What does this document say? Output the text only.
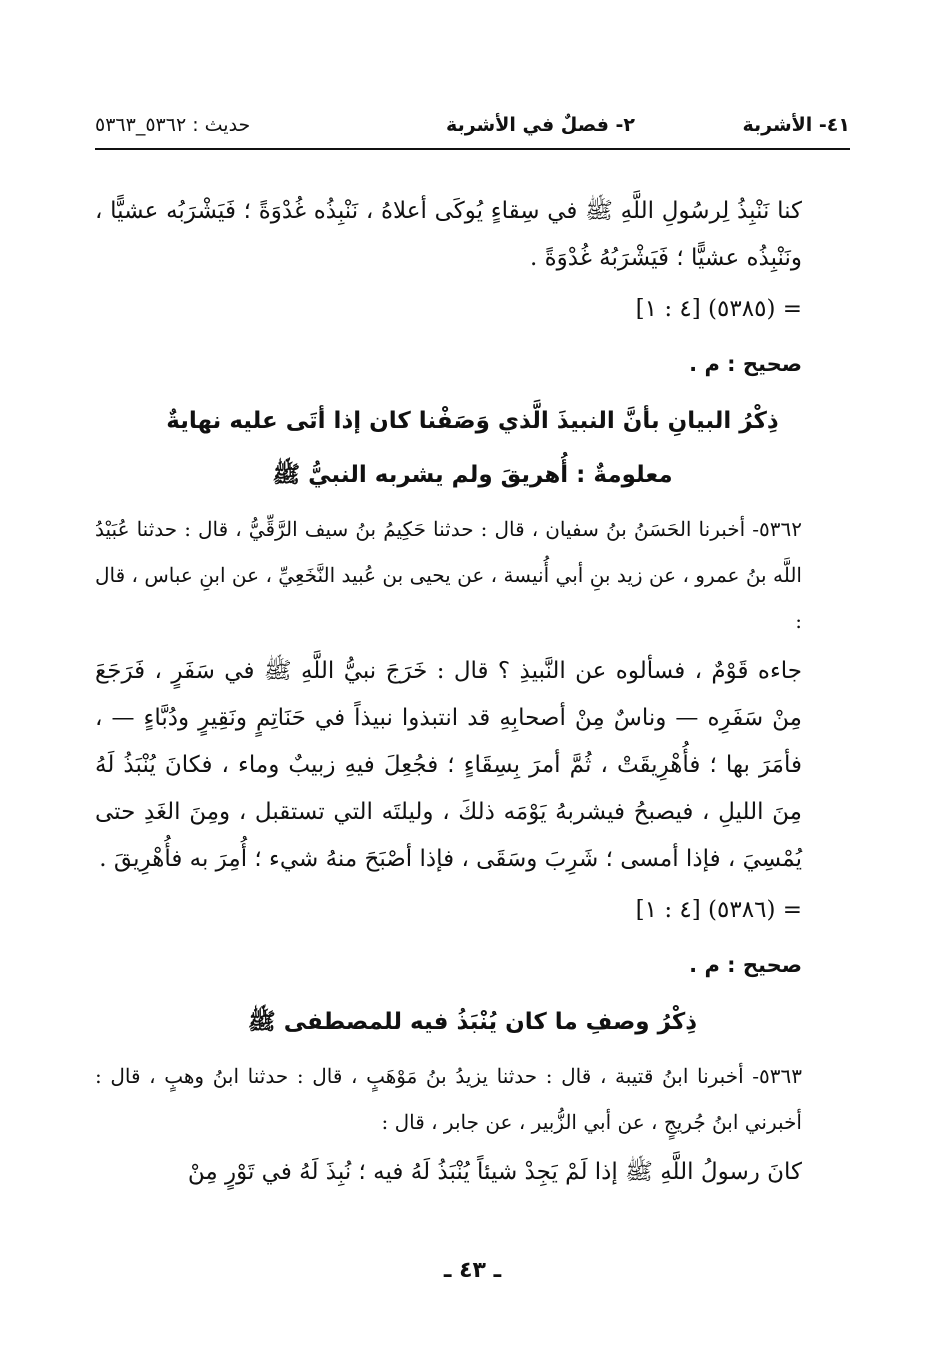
٤١- الأشربة
٢- فصلٌ في الأشربة
حديث : ٥٣٦٢_٥٣٦٣

كنا نَنْبِذُ لِرسُولِ اللَّهِ ﷺ في سِقاءٍ يُوكَى أعلاهُ ، نَنْبِذُه غُدْوَةً ؛ فَيَشْرَبُه عشيًّا ، ونَنْبِذُه عشيًّا ؛ فَيَشْرَبُهُ غُدْوَةً .

= (٥٣٨٥) [٤ : ١]

صحيح : م .

ذِكْرُ البيانِ بأنَّ النبيذَ الَّذي وَصَفْنا كان إذا أتَى عليه نهايةٌ

معلومةٌ : أُهريقَ ولم يشربه النبيُّ ﷺ

٥٣٦٢- أخبرنا الحَسَنُ بنُ سفيان ، قال : حدثنا حَكِيمُ بنُ سيف الرَّقِّيُّ ، قال : حدثنا عُبَيْدُ اللَّه بنُ عمرو ، عن زيد بنِ أبي أُنيسة ، عن يحيى بن عُبيد النَّخَعِيِّ ، عن ابنِ عباس ، قال :

جاءه قَوْمٌ ، فسألوه عن النَّبيذِ ؟ قال : خَرَجَ نبيُّ اللَّهِ ﷺ في سَفَرٍ ، فَرَجَعَ مِنْ سَفَرِه — وناسٌ مِنْ أصحابِهِ قد انتبذوا نبيذاً في حَنَاتِمٍ ونَقِيرٍ ودُبَّاءٍ — ، فأمَرَ بها ؛ فأُهْرِيقَتْ ، ثُمَّ أمرَ بِسِقَاءٍ ؛ فجُعِلَ فيهِ زبيبٌ وماء ، فكانَ يُنْبَذُ لَهُ مِنَ الليلِ ، فيصبحُ فيشربهُ يَوْمَه ذلكَ ، وليلتَه التي تستقبل ، ومِنَ الغَدِ حتى يُمْسِيَ ، فإذا أمسى ؛ شَرِبَ وسَقَى ، فإذا أصْبَحَ منهُ شيء ؛ أُمِرَ به فأُهْرِيقَ .

= (٥٣٨٦) [٤ : ١]

صحيح : م .

ذِكْرُ وصفِ ما كان يُنْبَذُ فيه للمصطفى ﷺ

٥٣٦٣- أخبرنا ابنُ قتيبة ، قال : حدثنا يزيدُ بنُ مَوْهَبٍ ، قال : حدثنا ابنُ وهبٍ ، قال : أخبرني ابنُ جُريجٍ ، عن أبي الزُّبير ، عن جابر ، قال :

كانَ رسولُ اللَّهِ ﷺ إذا لَمْ يَجِدْ شيئاً يُنْبَذُ لَهُ فيه ؛ نُبِذَ لَهُ في تَوْرٍ مِنْ

ـ ٤٣ ـ
